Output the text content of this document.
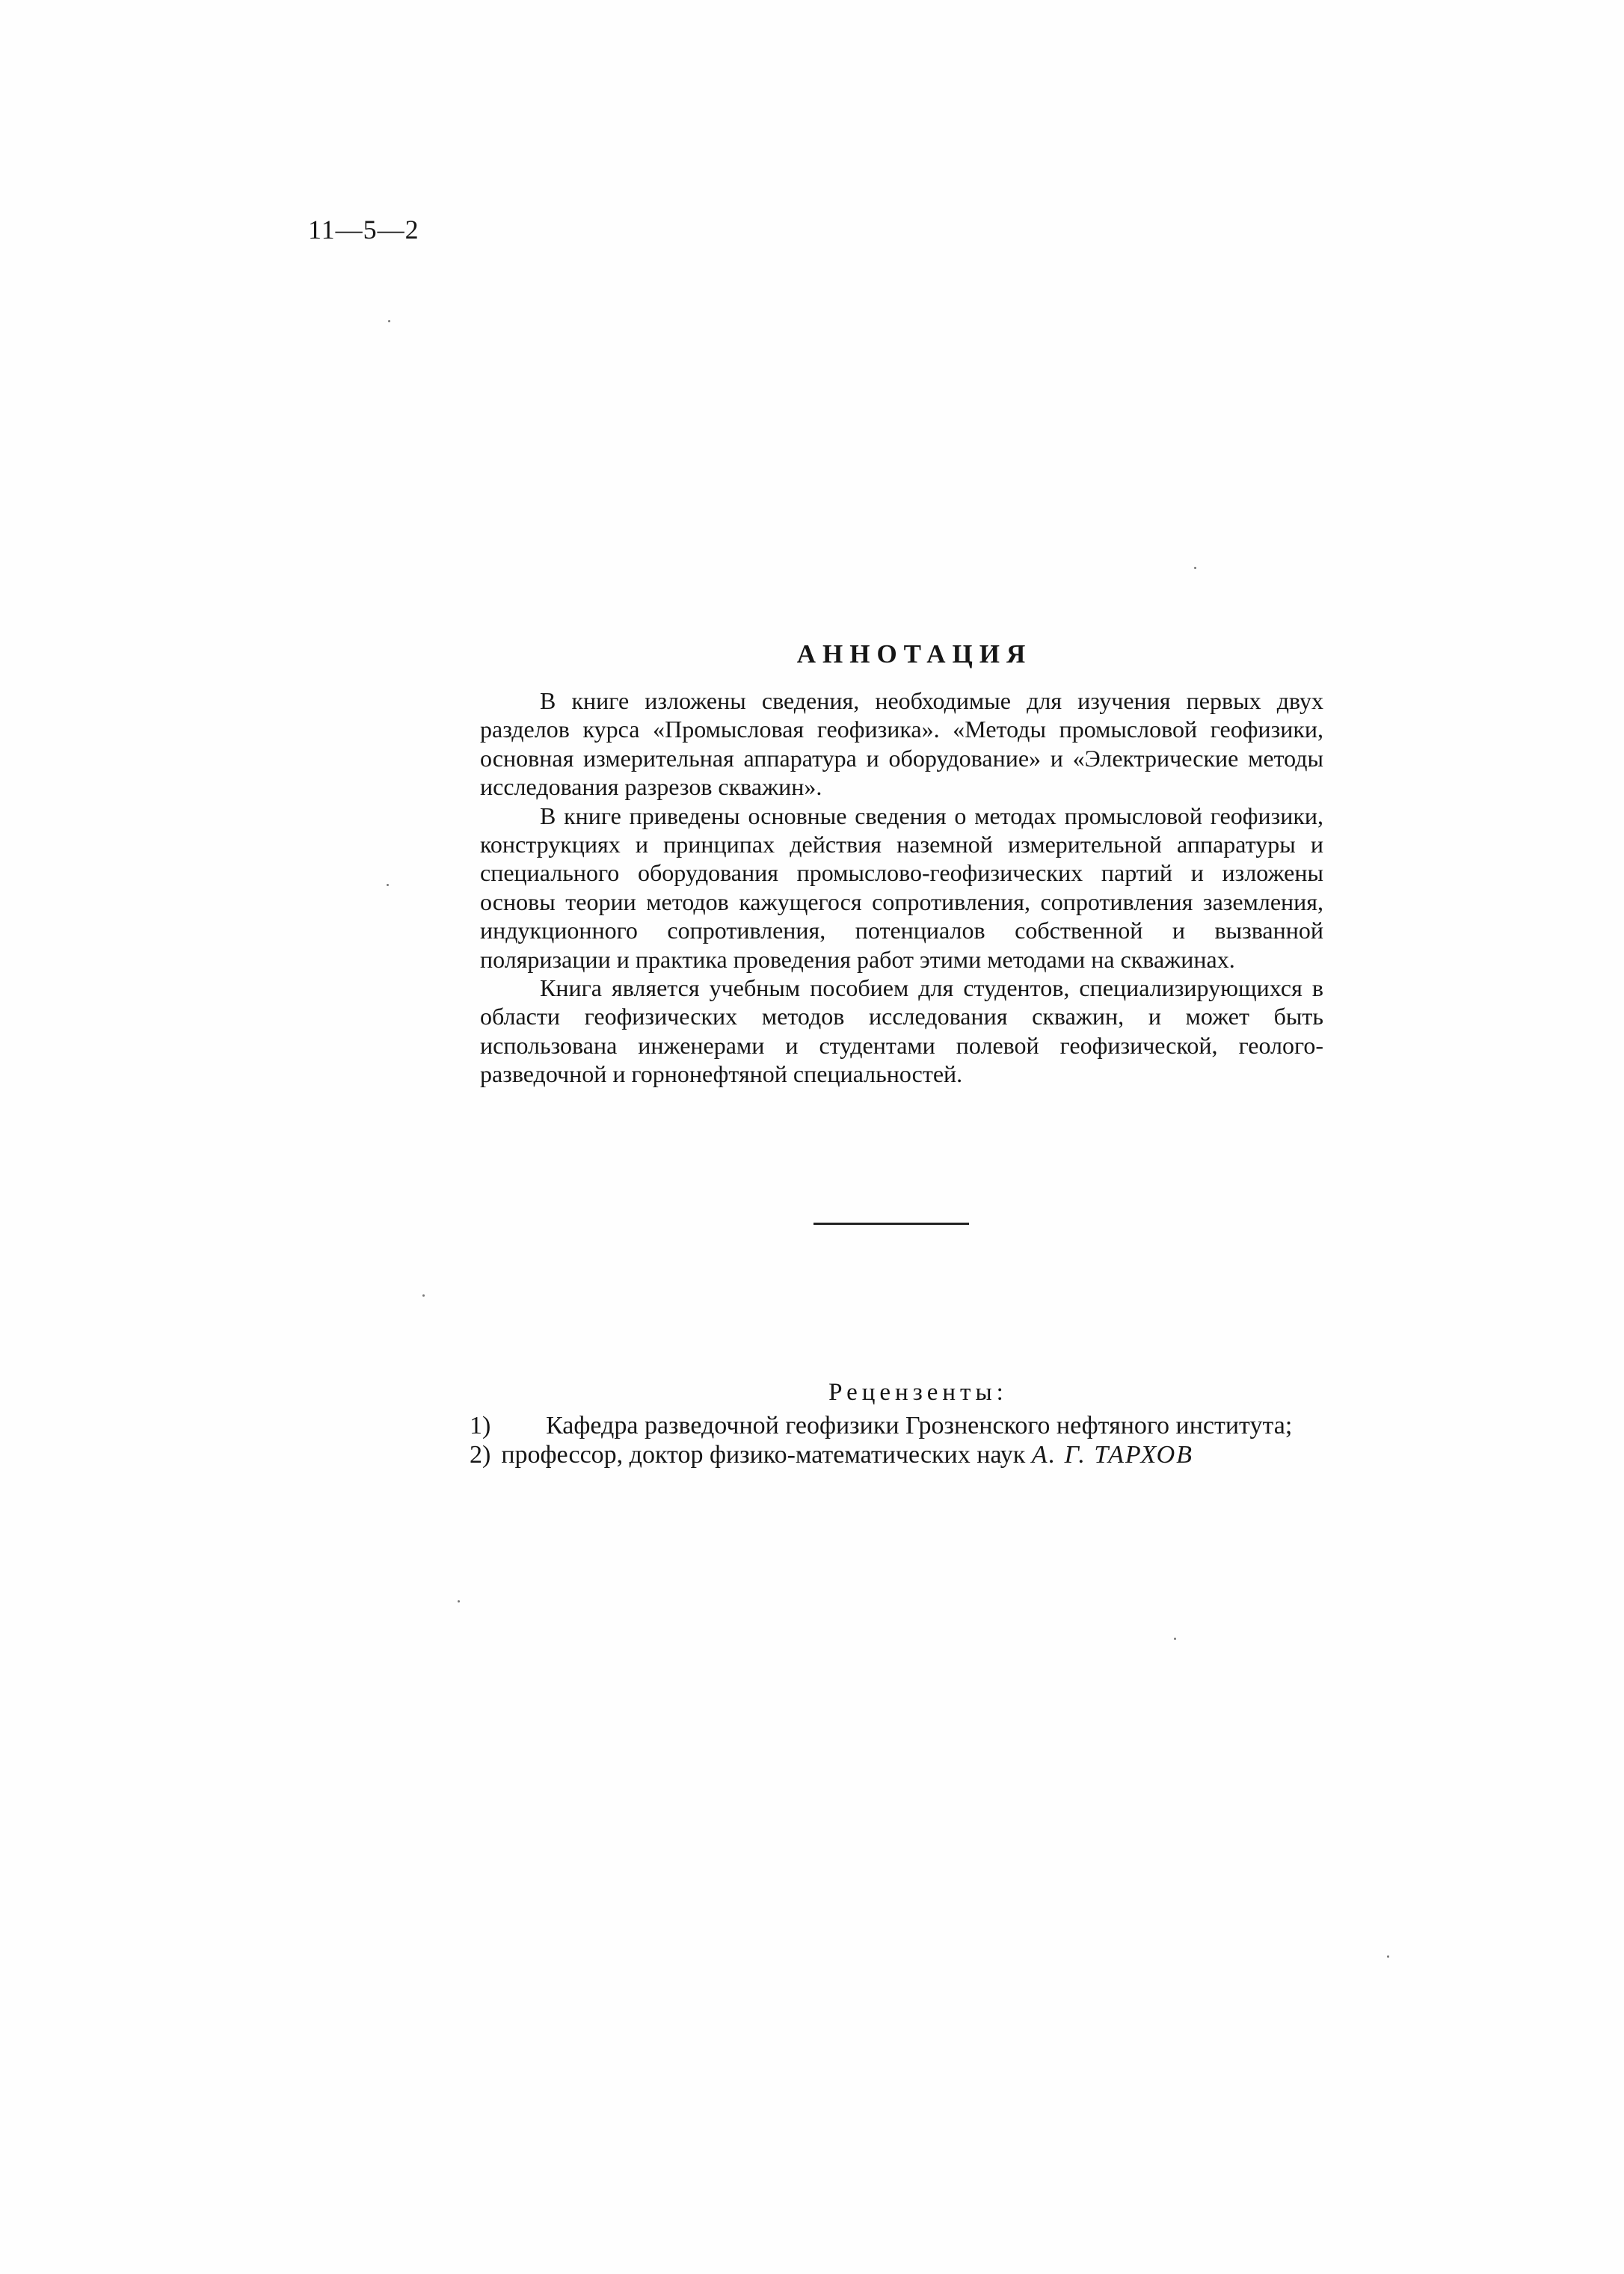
11—5—2
АННОТАЦИЯ

В книге изложены сведения, необходимые для изучения первых двух разделов курса «Промысловая геофизика». «Методы промысловой геофизики, основная измерительная аппаратура и оборудование» и «Электрические методы исследования разрезов скважин».

В книге приведены основные сведения о методах промысловой геофизики, конструкциях и принципах действия наземной измерительной аппаратуры и специального оборудования промыслово-геофизических партий и изложены основы теории методов кажущегося сопротивления, сопротивления заземления, индукционного сопротивления, потенциалов собственной и вызванной поляризации и практика проведения работ этими методами на скважинах.

Книга является учебным пособием для студентов, специализирующихся в области геофизических методов исследования скважин, и может быть использована инженерами и студентами полевой геофизической, геолого-разведочной и горнонефтяной специальностей.

Рецензенты:
1)	Кафедра разведочной геофизики Грозненского нефтяного института;
2) профессор, доктор физико-математических наук А. Г. ТАРХОВ
